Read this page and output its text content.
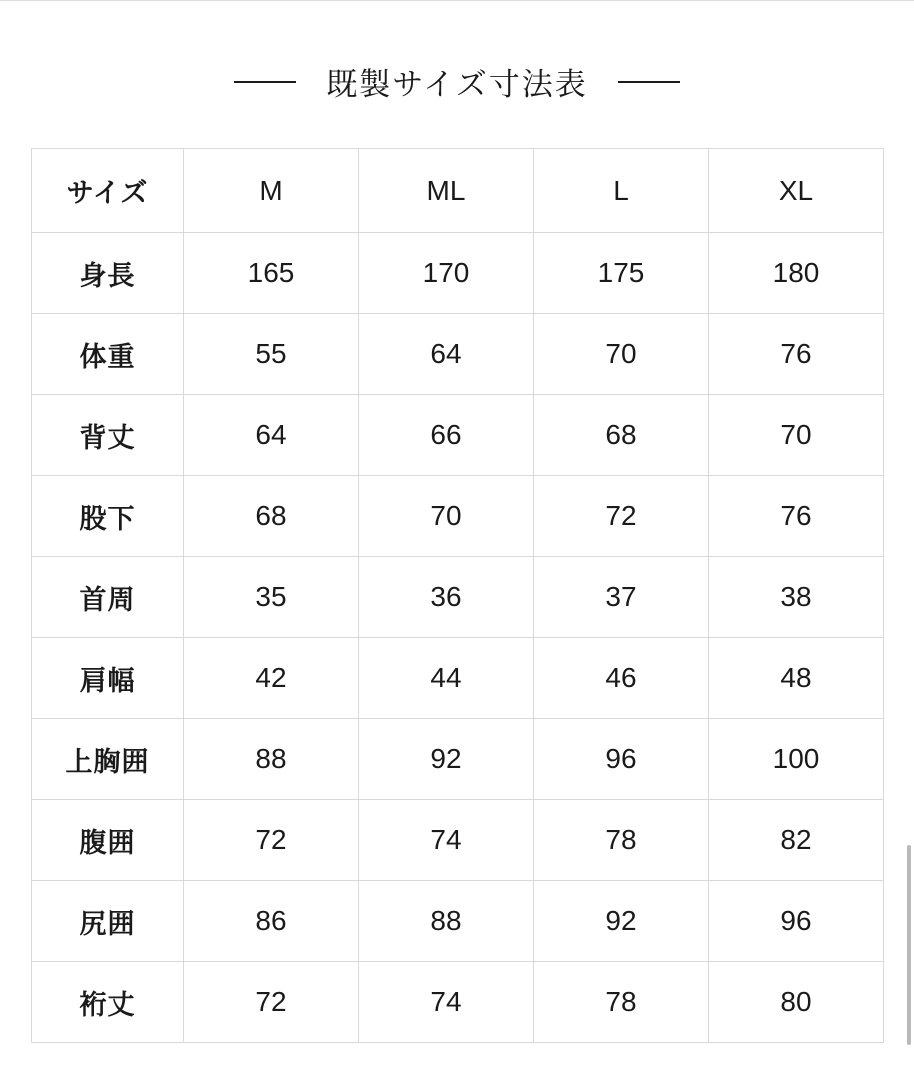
既製サイズ寸法表
サイズ	M	ML	L	XL
身長	165	170	175	180
体重	55	64	70	76
背丈	64	66	68	70
股下	68	70	72	76
首周	35	36	37	38
肩幅	42	44	46	48
上胸囲	88	92	96	100
腹囲	72	74	78	82
尻囲	86	88	92	96
裄丈	72	74	78	80
